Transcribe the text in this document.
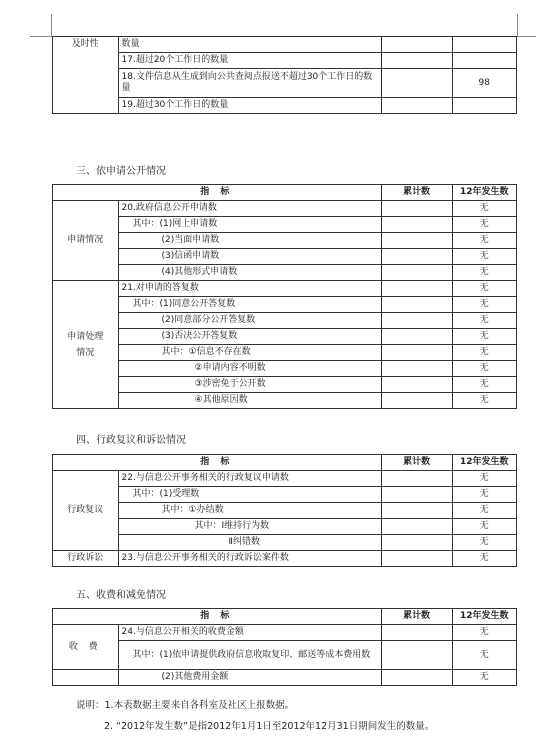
及时性	数量		
	17.超过20个工作日的数量		
	18.文件信息从生成到向公共查阅点报送不超过30个工作日的数量		98
	19.超过30个工作日的数量		
三、依申请公开情况
指 标		累计数	12年发生数
申请情况	20.政府信息公开申请数		无
	其中：(1)网上申请数		无
	(2)当面申请数		无
	(3)信函申请数		无
	(4)其他形式申请数		无
申请处理情况	21.对申请的答复数		无
	其中：(1)同意公开答复数		无
	(2)同意部分公开答复数		无
	(3)否决公开答复数		无
	其中：①信息不存在数		无
	②申请内容不明数		无
	③涉密免于公开数		无
	④其他原因数		无
四、行政复议和诉讼情况
指 标		累计数	12年发生数
行政复议	22.与信息公开事务相关的行政复议申请数		无
	其中：(1)受理数		无
	其中：①办结数		无
	其中：Ⅰ维持行为数		无
	Ⅱ纠错数		无
行政诉讼	23.与信息公开事务相关的行政诉讼案件数		无
五、收费和减免情况
指 标		累计数	12年发生数
收 费	24.与信息公开相关的收费金额		无
	其中：(1)依申请提供政府信息收取复印、邮送等成本费用数		无
	(2)其他费用金额		无
说明：1.本表数据主要来自各科室及社区上报数据。
2. “2012年发生数”是指2012年1月1日至2012年12月31日期间发生的数量。
